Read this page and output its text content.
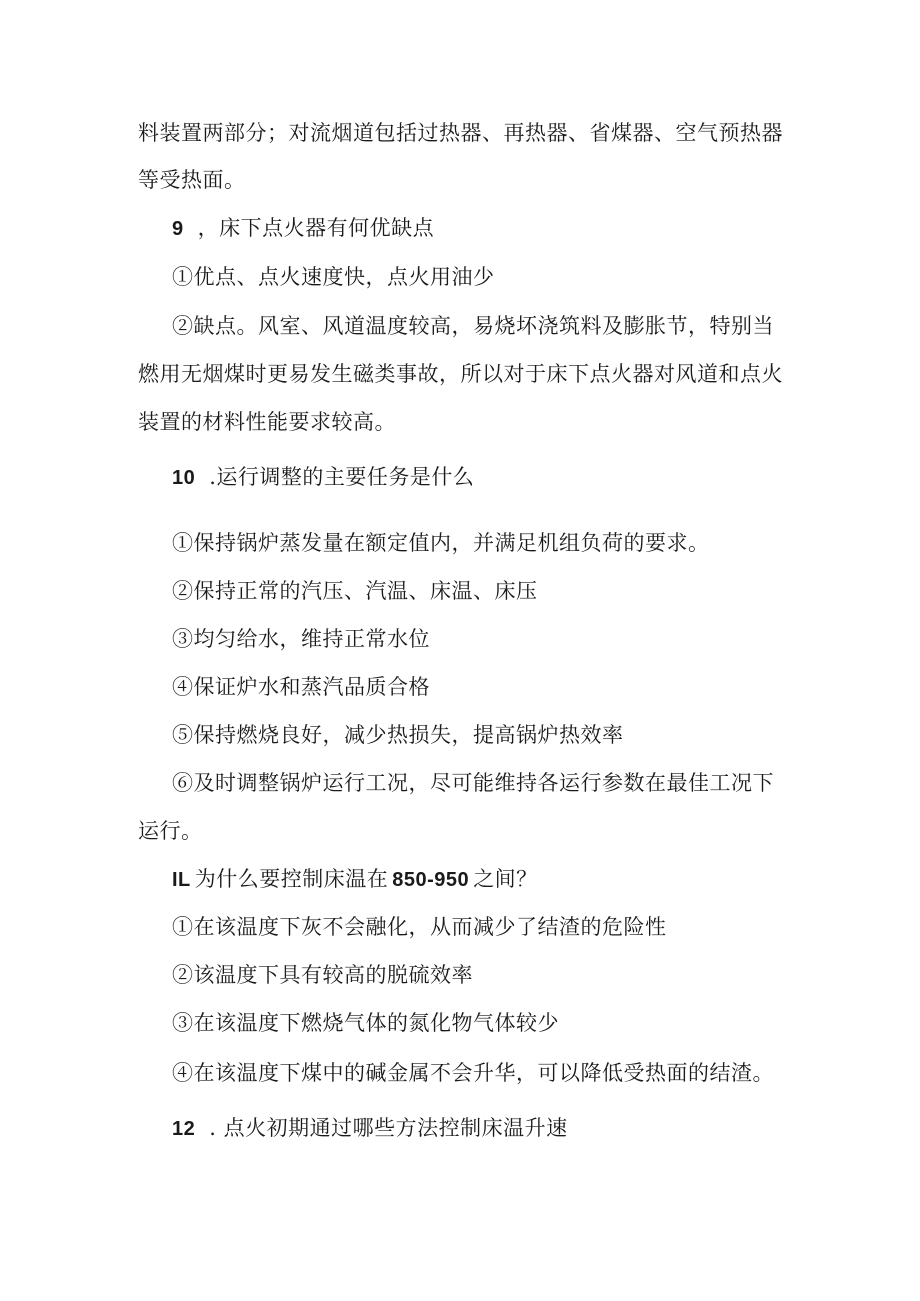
料装置两部分；对流烟道包括过热器、再热器、省煤器、空气预热器
等受热面。
9 ，床下点火器有何优缺点
①优点、点火速度快，点火用油少
②缺点。风室、风道温度较高，易烧坏浇筑料及膨胀节，特别当
燃用无烟煤时更易发生磁类事故，所以对于床下点火器对风道和点火
装置的材料性能要求较高。
10 .运行调整的主要任务是什么
①保持锅炉蒸发量在额定值内，并满足机组负荷的要求。
②保持正常的汽压、汽温、床温、床压
③均匀给水，维持正常水位
④保证炉水和蒸汽品质合格
⑤保持燃烧良好，减少热损失，提高锅炉热效率
⑥及时调整锅炉运行工况，尽可能维持各运行参数在最佳工况下
运行。
IL 为什么要控制床温在 850-950 之间？
①在该温度下灰不会融化，从而减少了结渣的危险性
②该温度下具有较高的脱硫效率
③在该温度下燃烧气体的氮化物气体较少
④在该温度下煤中的碱金属不会升华，可以降低受热面的结渣。
12 . 点火初期通过哪些方法控制床温升速
